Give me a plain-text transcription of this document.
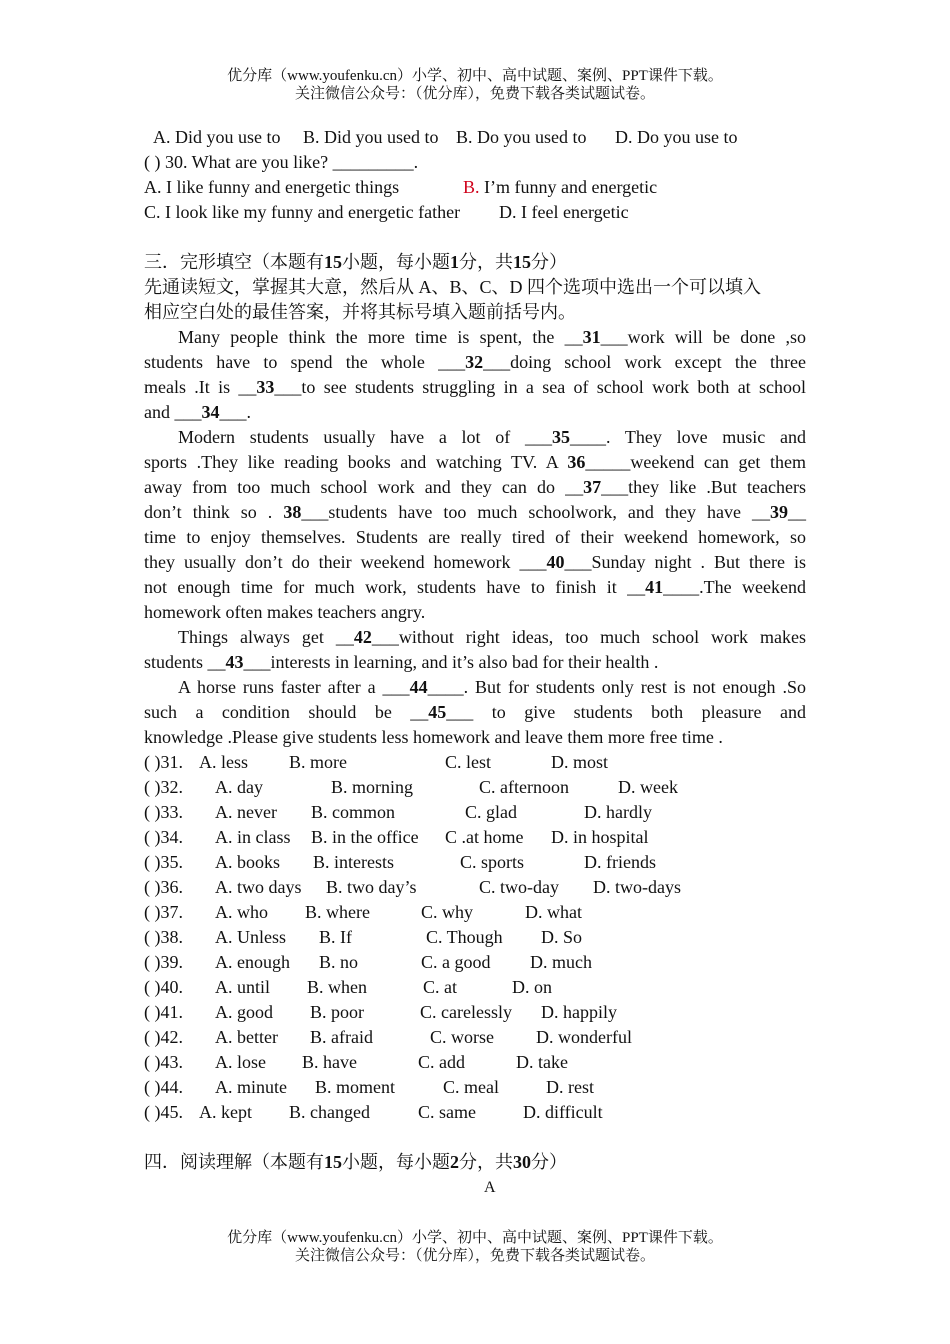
优分库（www.youfenku.cn）小学、初中、高中试题、案例、PPT课件下载。
关注微信公众号：（优分库），免费下载各类试题试卷。
A. Did you use to B. Did you used to B. Do you used to D. Do you use to
( ) 30. What are you like? _________.
A. I like funny and energetic things	B. I’m funny and energetic
C. I look like my funny and energetic father D. I feel energetic
三．完形填空（本题有15小题，每小题1分，共15分）
先通读短文，掌握其大意，然后从 A、B、C、D 四个选项中选出一个可以填入
相应空白处的最佳答案，并将其标号填入题前括号内。
Many people think the more time is spent, the __31___work will be done ,so
students have to spend the whole ___32___doing school work except the three
meals .It is __33___to see students struggling in a sea of school work both at school
and ___34___.
Modern students usually have a lot of ___35____. They love music and
sports .They like reading books and watching TV. A 36_____weekend can get them
away from too much school work and they can do __37___they like .But teachers
don’t think so . 38___students have too much schoolwork, and they have __39__
time to enjoy themselves. Students are really tired of their weekend homework, so
they usually don’t do their weekend homework ___40___Sunday night . But there is
not enough time for much work, students have to finish it __41____.The weekend
homework often makes teachers angry.
Things always get __42___without right ideas, too much school work makes
students __43___interests in learning, and it’s also bad for their health .
A horse runs faster after a ___44____. But for students only rest is not enough .So
such a condition should be __45___ to give students both pleasure and
knowledge .Please give students less homework and leave them more free time .
( )31. A. less B. more	C. lest	D. most
( )32. A. day	B. morning	C. afternoon	D. week
( )33. A. never B. common	C. glad	D. hardly
( )34. A. in class B. in the office C .at home D. in hospital
( )35. A. books B. interests	C. sports	D. friends
( )36. A. two days B. two day’s	C. two-day D. two-days
( )37. A. who B. where	C. why	D. what
( )38. A. Unless B. If	C. Though D. So
( )39. A. enough B. no	C. a good D. much
( )40. A. until B. when	C. at	D. on
( )41. A. good B. poor	C. carelessly D. happily
( )42. A. better B. afraid	C. worse D. wonderful
( )43. A. lose B. have	C. add	D. take
( )44. A. minute B. moment	C. meal	D. rest
( )45. A. kept B. changed	C. same	D. difficult
四．阅读理解（本题有15小题，每小题2分，共30分）
A
优分库（www.youfenku.cn）小学、初中、高中试题、案例、PPT课件下载。
关注微信公众号：（优分库），免费下载各类试题试卷。
